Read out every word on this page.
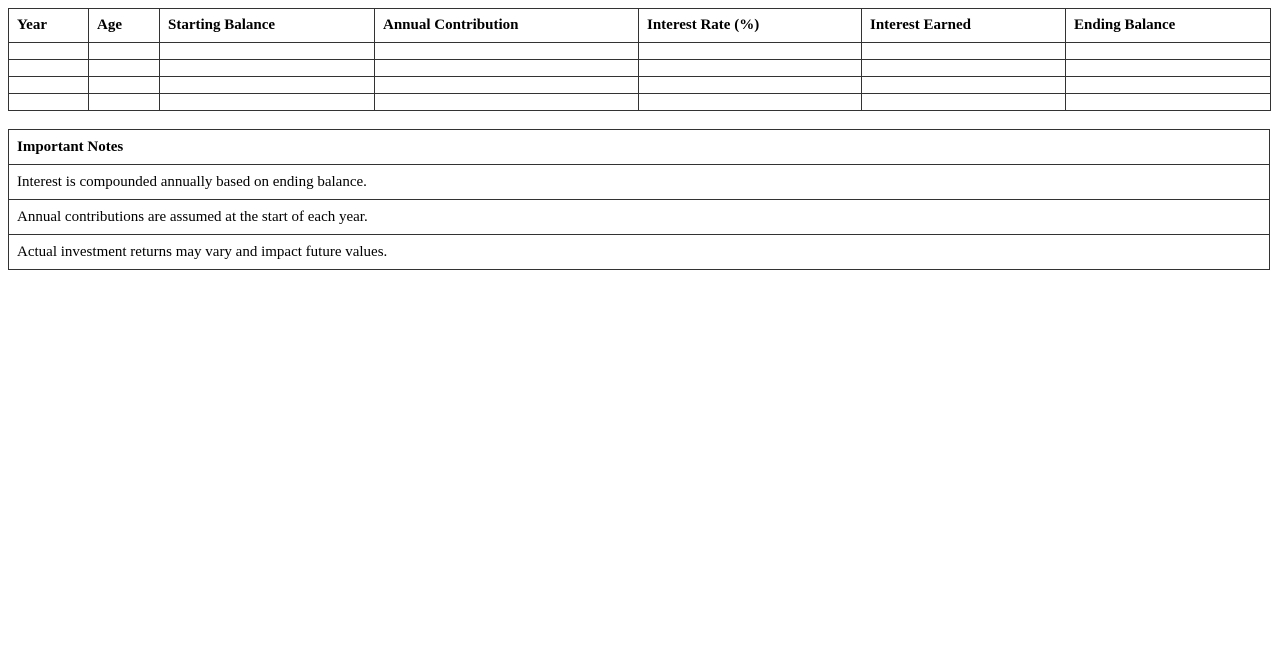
Year	Age	Starting Balance	Annual Contribution	Interest Rate (%)	Interest Earned	Ending Balance

Important Notes
Interest is compounded annually based on ending balance.
Annual contributions are assumed at the start of each year.
Actual investment returns may vary and impact future values.
